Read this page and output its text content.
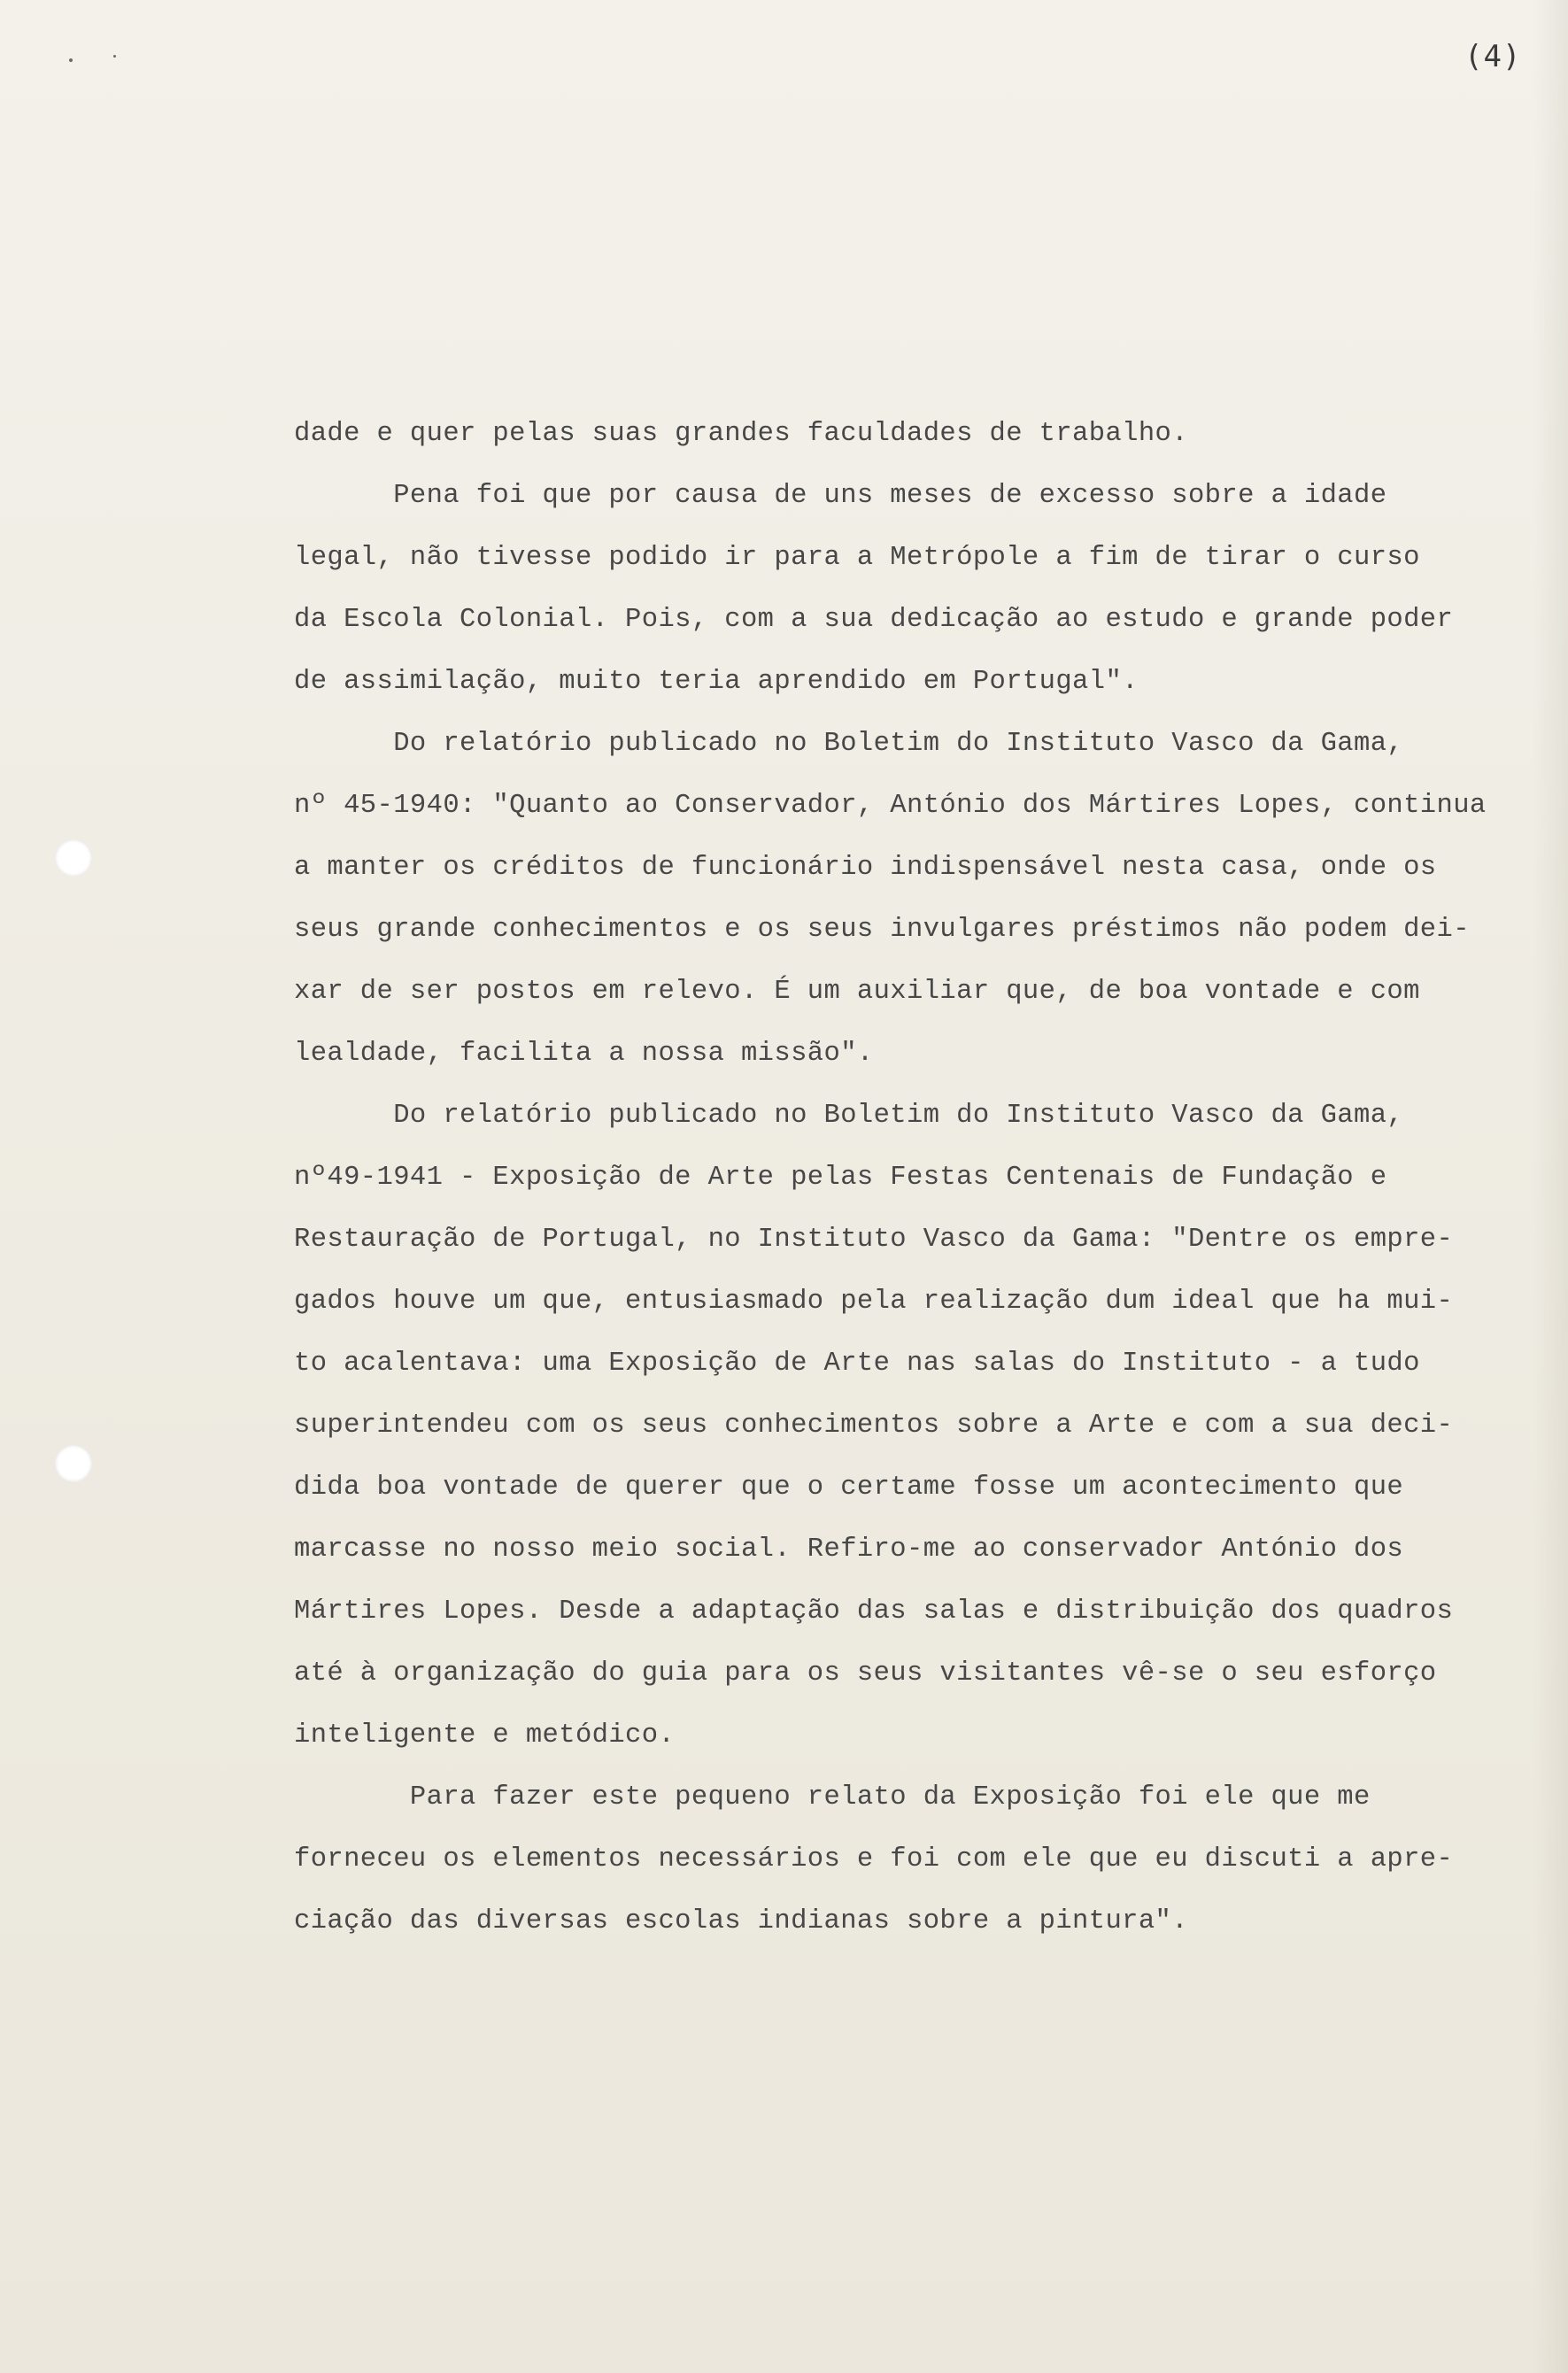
(4)
dade e quer pelas suas grandes faculdades de trabalho.
Pena foi que por causa de uns meses de excesso sobre a idade
legal, não tivesse podido ir para a Metrópole a fim de tirar o curso
da Escola Colonial. Pois, com a sua dedicação ao estudo e grande poder
de assimilação, muito teria aprendido em Portugal".
Do relatório publicado no Boletim do Instituto Vasco da Gama,
nº 45-1940: "Quanto ao Conservador, António dos Mártires Lopes, continua
a manter os créditos de funcionário indispensável nesta casa, onde os
seus grande conhecimentos e os seus invulgares préstimos não podem dei-
xar de ser postos em relevo. É um auxiliar que, de boa vontade e com
lealdade, facilita a nossa missão".
Do relatório publicado no Boletim do Instituto Vasco da Gama,
nº49-1941 - Exposição de Arte pelas Festas Centenais de Fundação e
Restauração de Portugal, no Instituto Vasco da Gama: "Dentre os empre-
gados houve um que, entusiasmado pela realização dum ideal que ha mui-
to acalentava: uma Exposição de Arte nas salas do Instituto - a tudo
superintendeu com os seus conhecimentos sobre a Arte e com a sua deci-
dida boa vontade de querer que o certame fosse um acontecimento que
marcasse no nosso meio social. Refiro-me ao conservador António dos
Mártires Lopes. Desde a adaptação das salas e distribuição dos quadros
até à organização do guia para os seus visitantes vê-se o seu esforço
inteligente e metódico.
Para fazer este pequeno relato da Exposição foi ele que me
forneceu os elementos necessários e foi com ele que eu discuti a apre-
ciação das diversas escolas indianas sobre a pintura".
